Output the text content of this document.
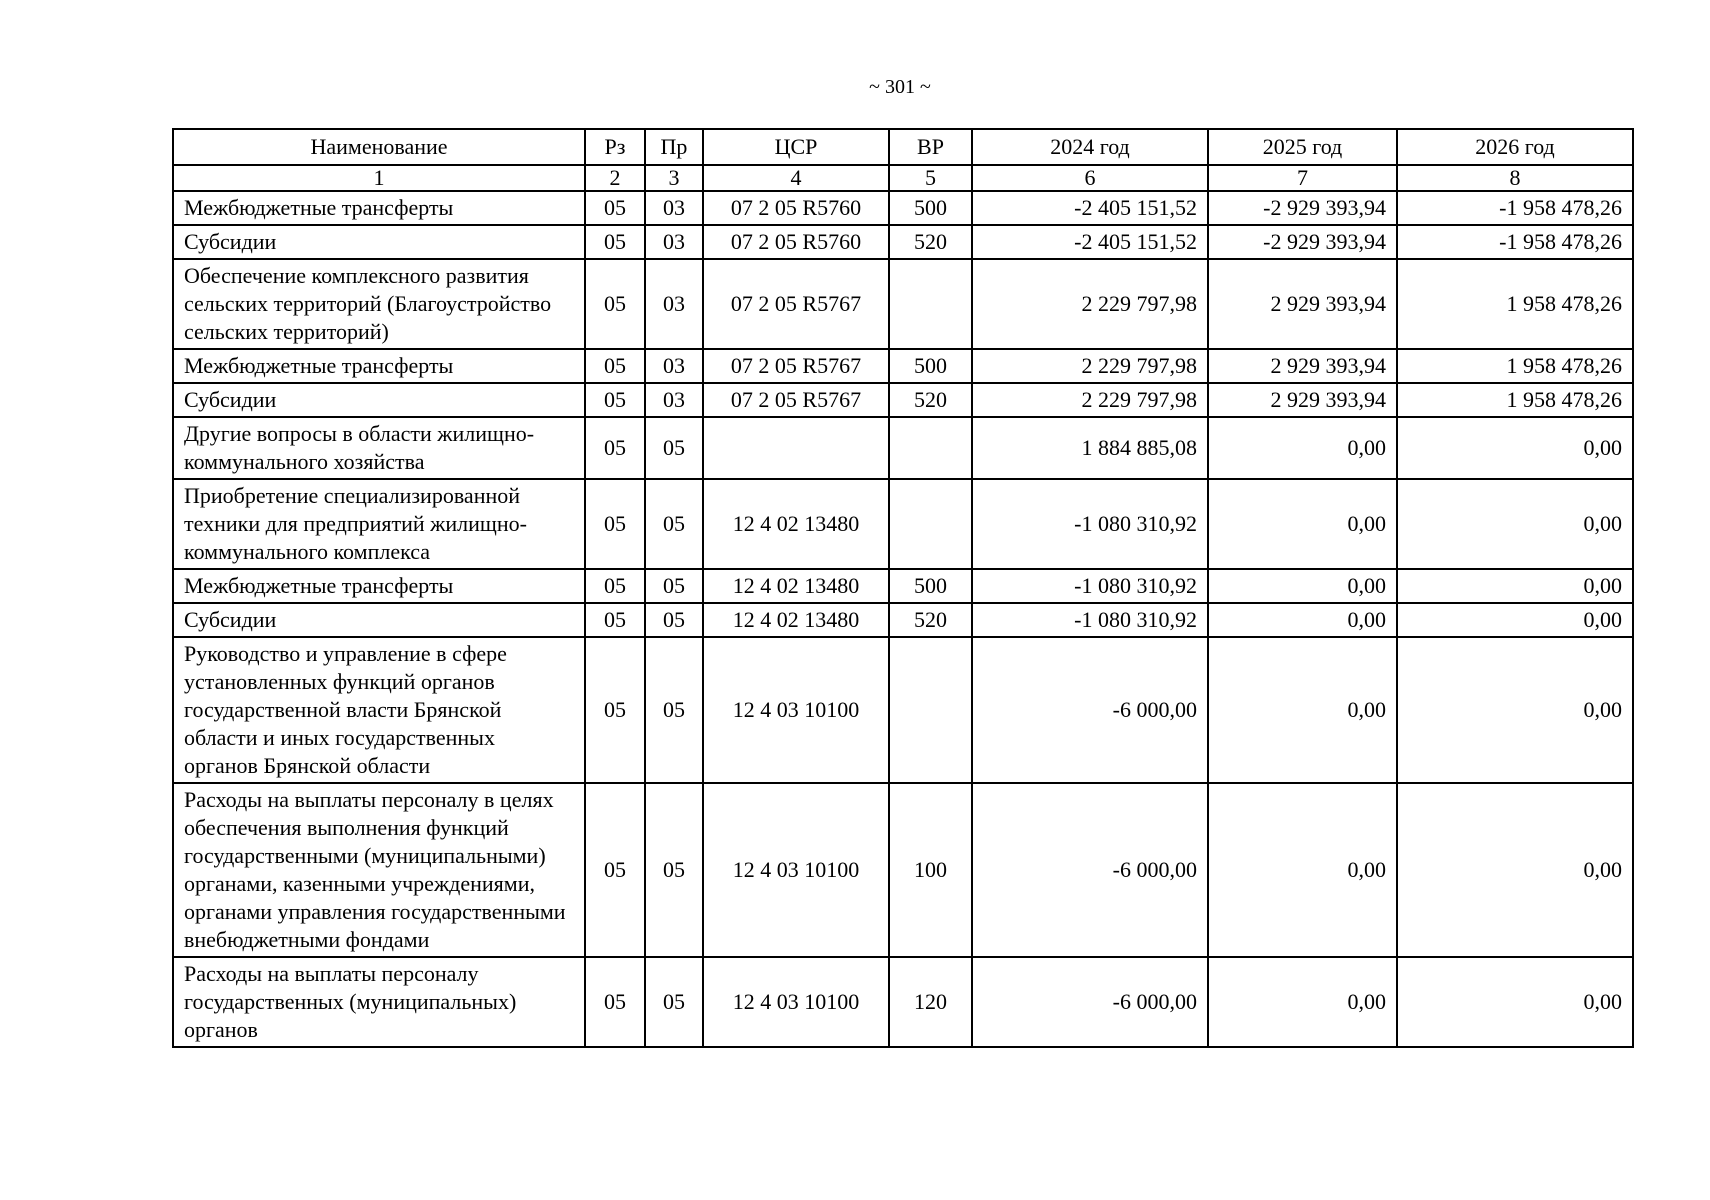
~ 301 ~
Наименование	Рз	Пр	ЦСР	ВР	2024 год	2025 год	2026 год
1	2	3	4	5	6	7	8
Межбюджетные трансферты	05	03	07 2 05 R5760	500	-2 405 151,52	-2 929 393,94	-1 958 478,26
Субсидии	05	03	07 2 05 R5760	520	-2 405 151,52	-2 929 393,94	-1 958 478,26
Обеспечение комплексного развития сельских территорий (Благоустройство сельских территорий)	05	03	07 2 05 R5767		2 229 797,98	2 929 393,94	1 958 478,26
Межбюджетные трансферты	05	03	07 2 05 R5767	500	2 229 797,98	2 929 393,94	1 958 478,26
Субсидии	05	03	07 2 05 R5767	520	2 229 797,98	2 929 393,94	1 958 478,26
Другие вопросы в области жилищно-коммунального хозяйства	05	05			1 884 885,08	0,00	0,00
Приобретение специализированной техники для предприятий жилищно-коммунального комплекса	05	05	12 4 02 13480		-1 080 310,92	0,00	0,00
Межбюджетные трансферты	05	05	12 4 02 13480	500	-1 080 310,92	0,00	0,00
Субсидии	05	05	12 4 02 13480	520	-1 080 310,92	0,00	0,00
Руководство и управление в сфере установленных функций органов государственной власти Брянской области и иных государственных органов Брянской области	05	05	12 4 03 10100		-6 000,00	0,00	0,00
Расходы на выплаты персоналу в целях обеспечения выполнения функций государственными (муниципальными) органами, казенными учреждениями, органами управления государственными внебюджетными фондами	05	05	12 4 03 10100	100	-6 000,00	0,00	0,00
Расходы на выплаты персоналу государственных (муниципальных) органов	05	05	12 4 03 10100	120	-6 000,00	0,00	0,00
